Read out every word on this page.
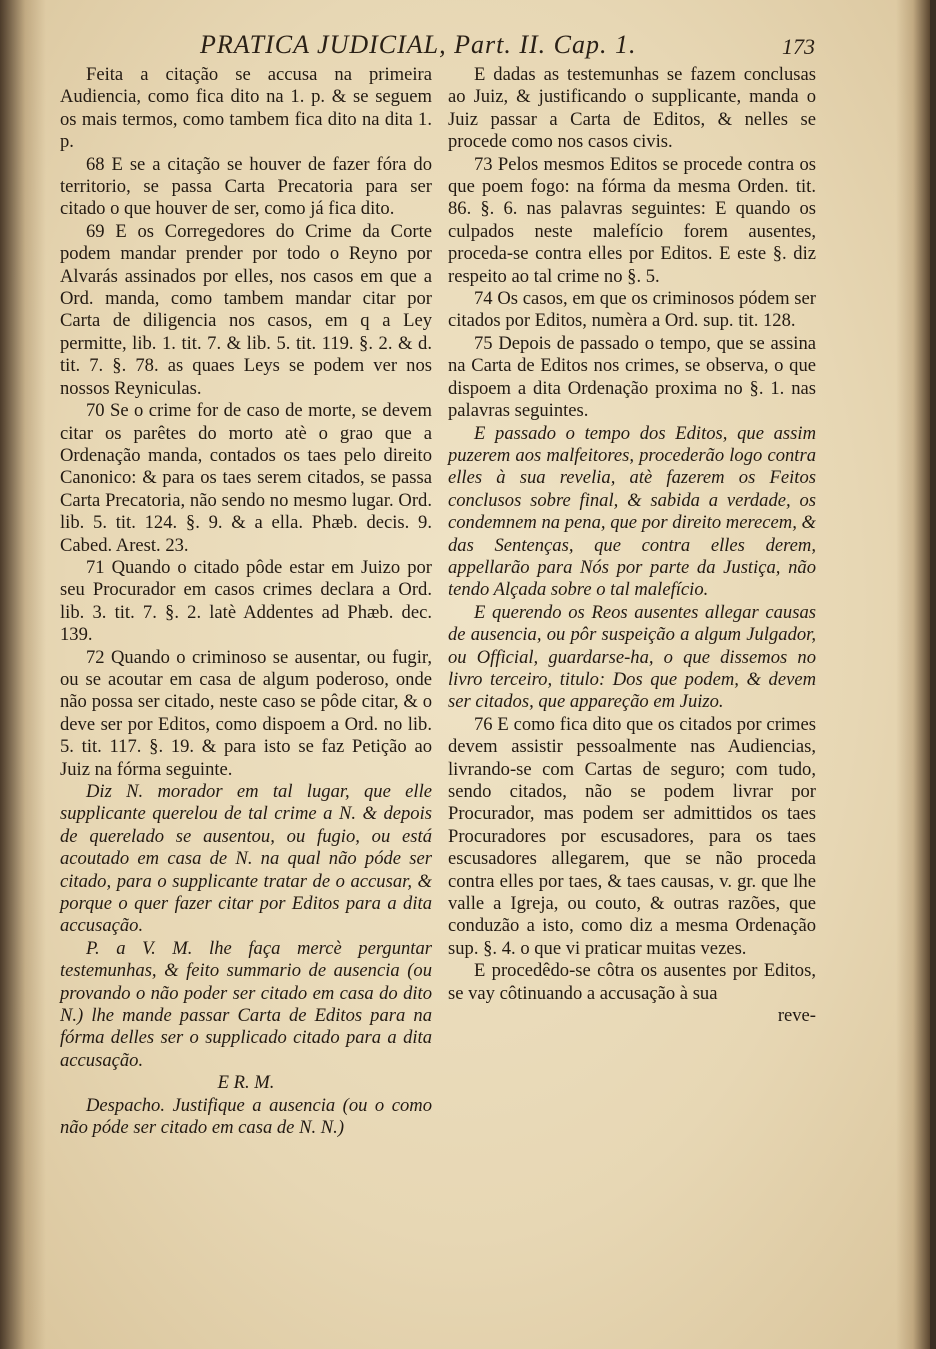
PRATICA JUDICIAL, Part. II. Cap. 1.	173

Feita a citação se accusa na primeira Audiencia, como fica dito na 1. p. & se seguem os mais termos, como tambem fica dito na dita 1. p.

68 E se a citação se houver de fazer fóra do territorio, se passa Carta Precatoria para ser citado o que houver de ser, como já fica dito.

69 E os Corregedores do Crime da Corte podem mandar prender por todo o Reyno por Alvarás assinados por elles, nos casos em que a Ord. manda, como tambem mandar citar por Carta de diligencia nos casos, em q a Ley permitte, lib. 1. tit. 7. & lib. 5. tit. 119. §. 2. & d. tit. 7. §. 78. as quaes Leys se podem ver nos nossos Reyniculas.

70 Se o crime for de caso de morte, se devem citar os parêtes do morto atè o grao que a Ordenação manda, contados os taes pelo direito Canonico: & para os taes serem citados, se passa Carta Precatoria, não sendo no mesmo lugar. Ord. lib. 5. tit. 124. §. 9. & a ella. Phæb. decis. 9. Cabed. Arest. 23.

71 Quando o citado pôde estar em Juizo por seu Procurador em casos crimes declara a Ord. lib. 3. tit. 7. §. 2. latè Addentes ad Phæb. dec. 139.

72 Quando o criminoso se ausentar, ou fugir, ou se acoutar em casa de algum poderoso, onde não possa ser citado, neste caso se pôde citar, & o deve ser por Editos, como dispoem a Ord. no lib. 5. tit. 117. §. 19. & para isto se faz Petição ao Juiz na fórma seguinte.

Diz N. morador em tal lugar, que elle supplicante querelou de tal crime a N. & depois de querelado se ausentou, ou fugio, ou está acoutado em casa de N. na qual não póde ser citado, para o supplicante tratar de o accusar, & porque o quer fazer citar por Editos para a dita accusação.

P. a V. M. lhe faça mercè perguntar testemunhas, & feito summario de ausencia (ou provando o não poder ser citado em casa do dito N.) lhe mande passar Carta de Editos para na fórma delles ser o supplicado citado para a dita accusação.

E R. M.

Despacho. Justifique a ausencia (ou o como não póde ser citado em casa de N. N.)

E dadas as testemunhas se fazem conclusas ao Juiz, & justificando o supplicante, manda o Juiz passar a Carta de Editos, & nelles se procede como nos casos civis.

73 Pelos mesmos Editos se procede contra os que poem fogo: na fórma da mesma Orden. tit. 86. §. 6. nas palavras seguintes: E quando os culpados neste malefício forem ausentes, proceda-se contra elles por Editos. E este §. diz respeito ao tal crime no §. 5.

74 Os casos, em que os criminosos pódem ser citados por Editos, numèra a Ord. sup. tit. 128.

75 Depois de passado o tempo, que se assina na Carta de Editos nos crimes, se observa, o que dispoem a dita Ordenação proxima no §. 1. nas palavras seguintes.

E passado o tempo dos Editos, que assim puzerem aos malfeitores, procederão logo contra elles à sua revelia, atè fazerem os Feitos conclusos sobre final, & sabida a verdade, os condemnem na pena, que por direito merecem, & das Sentenças, que contra elles derem, appellarão para Nós por parte da Justiça, não tendo Alçada sobre o tal malefício.

E querendo os Reos ausentes allegar causas de ausencia, ou pôr suspeição a algum Julgador, ou Official, guardarse-ha, o que dissemos no livro terceiro, titulo: Dos que podem, & devem ser citados, que appareção em Juizo.

76 E como fica dito que os citados por crimes devem assistir pessoalmente nas Audiencias, livrando-se com Cartas de seguro; com tudo, sendo citados, não se podem livrar por Procurador, mas podem ser admittidos os taes Procuradores por escusadores, para os taes escusadores allegarem, que se não proceda contra elles por taes, & taes causas, v. gr. que lhe valle a Igreja, ou couto, & outras razões, que conduzão a isto, como diz a mesma Ordenação sup. §. 4. o que vi praticar muitas vezes.

E procedêdo-se côtra os ausentes por Editos, se vay côtinuando a accusação à sua

reve-
